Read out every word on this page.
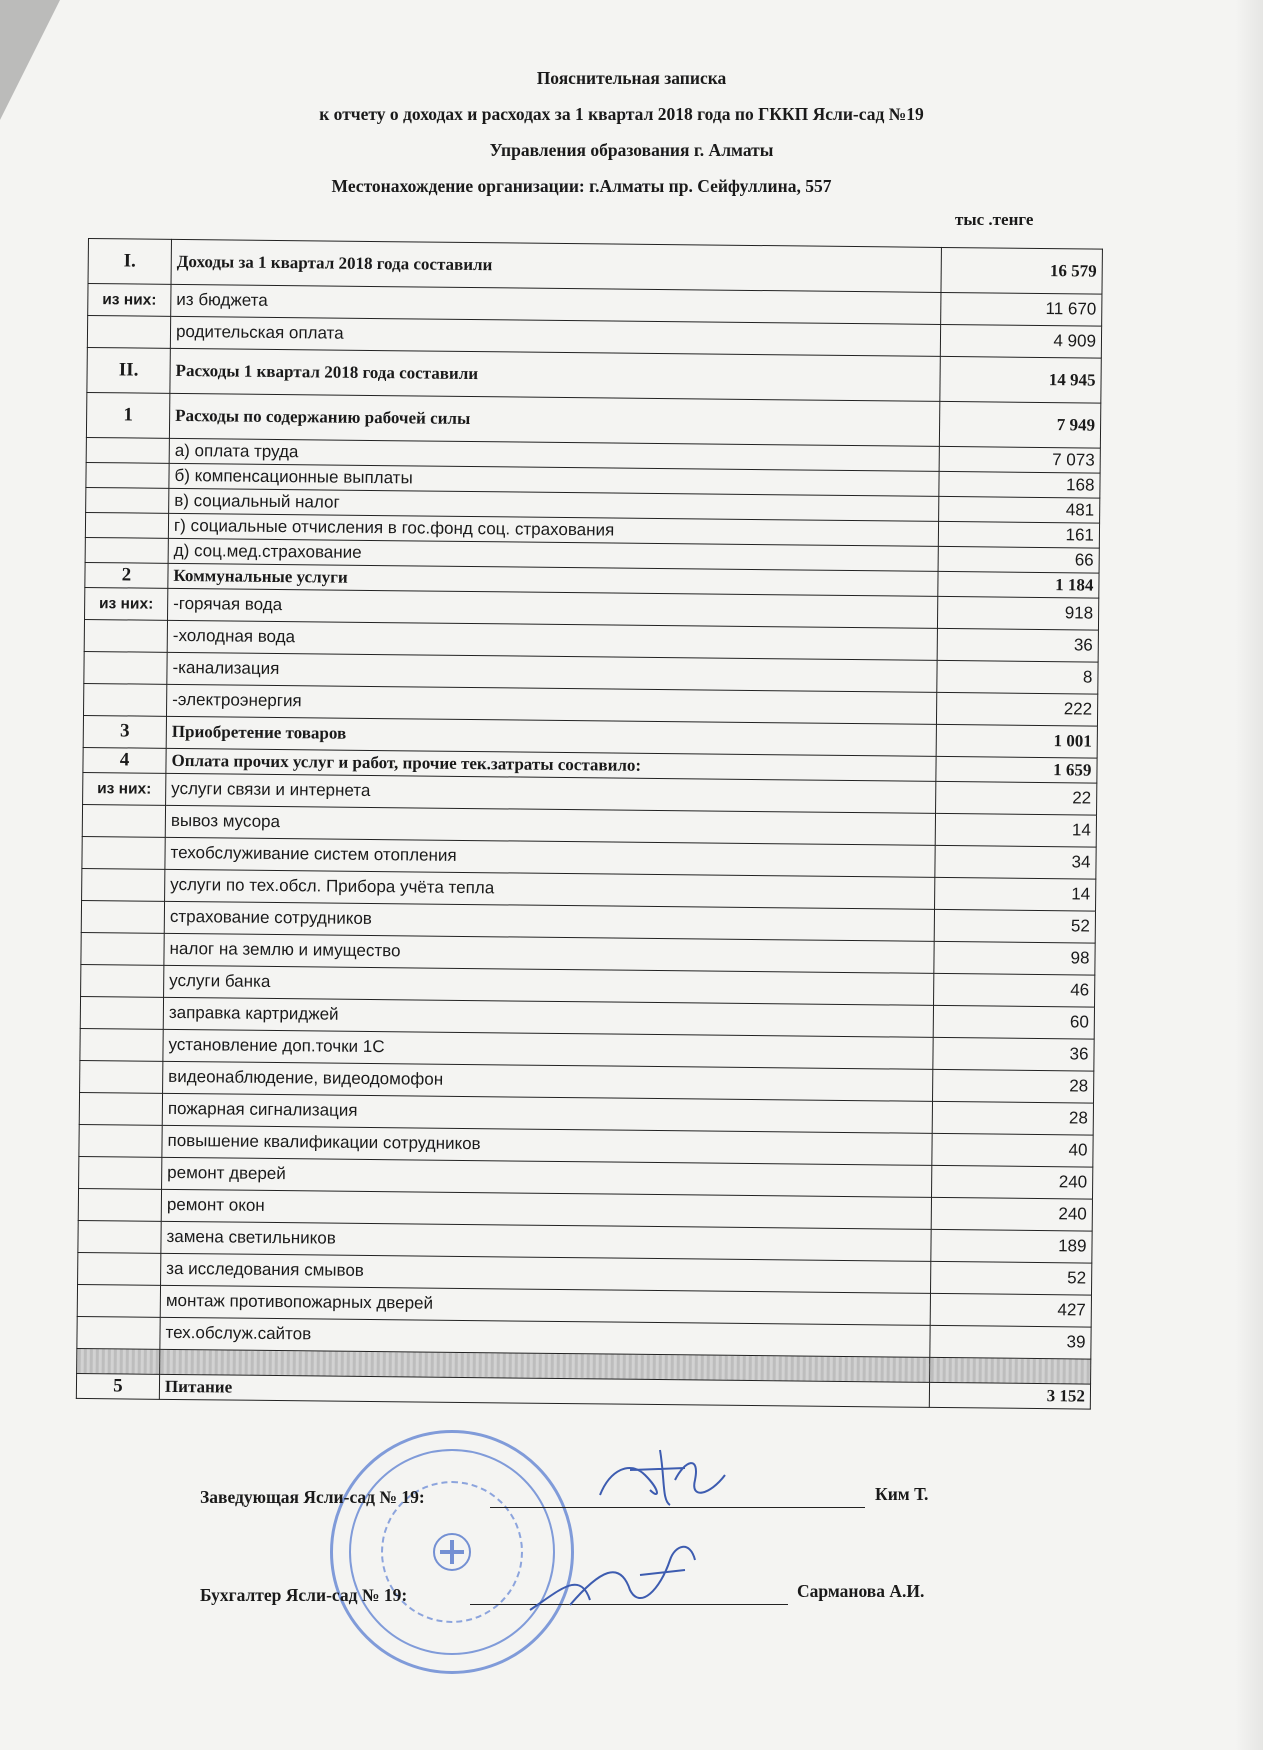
Пояснительная записка
к отчету о доходах и расходах за 1 квартал 2018 года по ГККП Ясли-сад №19
Управления образования г. Алматы
Местонахождение организации: г.Алматы пр. Сейфуллина, 557
тыс .тенге
I.	Доходы за 1 квартал 2018 года составили	16 579
из них:	из бюджета	11 670
	родительская оплата	4 909
II.	Расходы 1 квартал 2018 года составили	14 945
1	Расходы по содержанию рабочей силы	7 949
	а) оплата труда	7 073
	б) компенсационные выплаты	168
	в) социальный налог	481
	г) социальные отчисления в гос.фонд соц. страхования	161
	д) соц.мед.страхование	66
2	Коммунальные услуги	1 184
из них:	-горячая вода	918
	-холодная вода	36
	-канализация	8
	-электроэнергия	222
3	Приобретение товаров	1 001
4	Оплата прочих услуг и работ, прочие тек.затраты составило:	1 659
из них:	услуги связи и интернета	22
	вывоз мусора	14
	техобслуживание систем отопления	34
	услуги по тех.обсл. Прибора учёта тепла	14
	страхование сотрудников	52
	налог на землю и имущество	98
	услуги банка	46
	заправка картриджей	60
	установление доп.точки 1С	36
	видеонаблюдение, видеодомофон	28
	пожарная сигнализация	28
	повышение квалификации сотрудников	40
	ремонт дверей	240
	ремонт окон	240
	замена светильников	189
	за исследования смывов	52
	монтаж противопожарных дверей	427
	тех.обслуж.сайтов	39

5	Питание	3 152
Заведующая Ясли-сад № 19:	Ким Т.
Бухгалтер Ясли-сад № 19:	Сарманова А.И.
